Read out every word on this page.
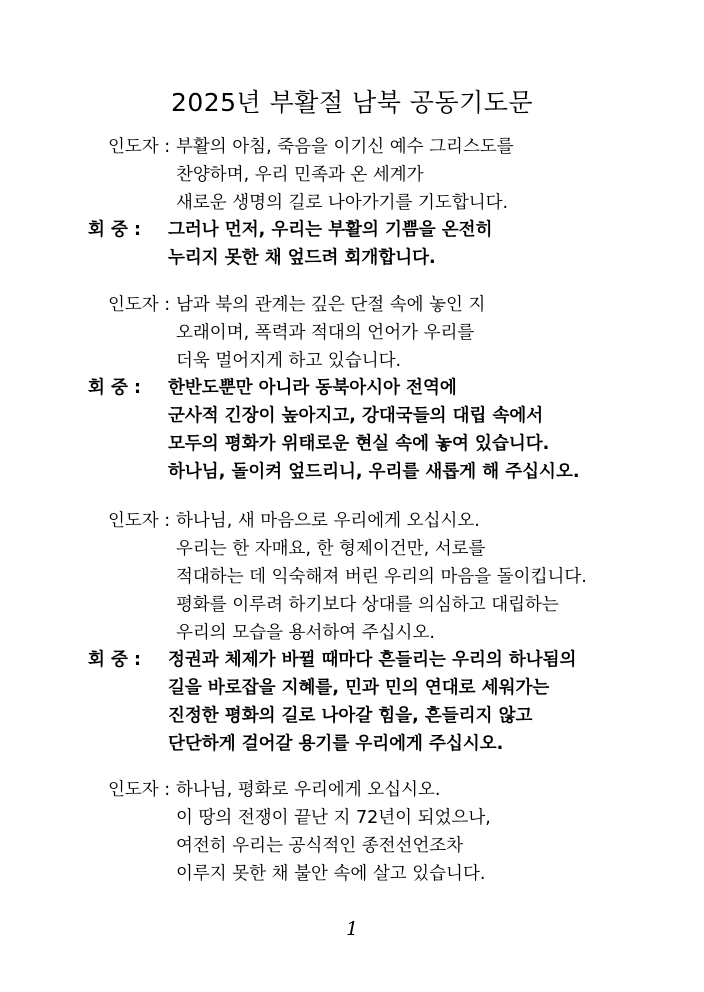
2025년 부활절 남북 공동기도문
인도자 : 부활의 아침, 죽음을 이기신 예수 그리스도를
찬양하며, 우리 민족과 온 세계가
새로운 생명의 길로 나아가기를 기도합니다.
회 중 : 그러나 먼저, 우리는 부활의 기쁨을 온전히
누리지 못한 채 엎드려 회개합니다.
인도자 : 남과 북의 관계는 깊은 단절 속에 놓인 지
오래이며, 폭력과 적대의 언어가 우리를
더욱 멀어지게 하고 있습니다.
회 중 : 한반도뿐만 아니라 동북아시아 전역에
군사적 긴장이 높아지고, 강대국들의 대립 속에서
모두의 평화가 위태로운 현실 속에 놓여 있습니다.
하나님, 돌이켜 엎드리니, 우리를 새롭게 해 주십시오.
인도자 : 하나님, 새 마음으로 우리에게 오십시오.
우리는 한 자매요, 한 형제이건만, 서로를
적대하는 데 익숙해져 버린 우리의 마음을 돌이킵니다.
평화를 이루려 하기보다 상대를 의심하고 대립하는
우리의 모습을 용서하여 주십시오.
회 중 : 정권과 체제가 바뀔 때마다 흔들리는 우리의 하나됨의
길을 바로잡을 지혜를, 민과 민의 연대로 세워가는
진정한 평화의 길로 나아갈 힘을, 흔들리지 않고
단단하게 걸어갈 용기를 우리에게 주십시오.
인도자 : 하나님, 평화로 우리에게 오십시오.
이 땅의 전쟁이 끝난 지 72년이 되었으나,
여전히 우리는 공식적인 종전선언조차
이루지 못한 채 불안 속에 살고 있습니다.
1
